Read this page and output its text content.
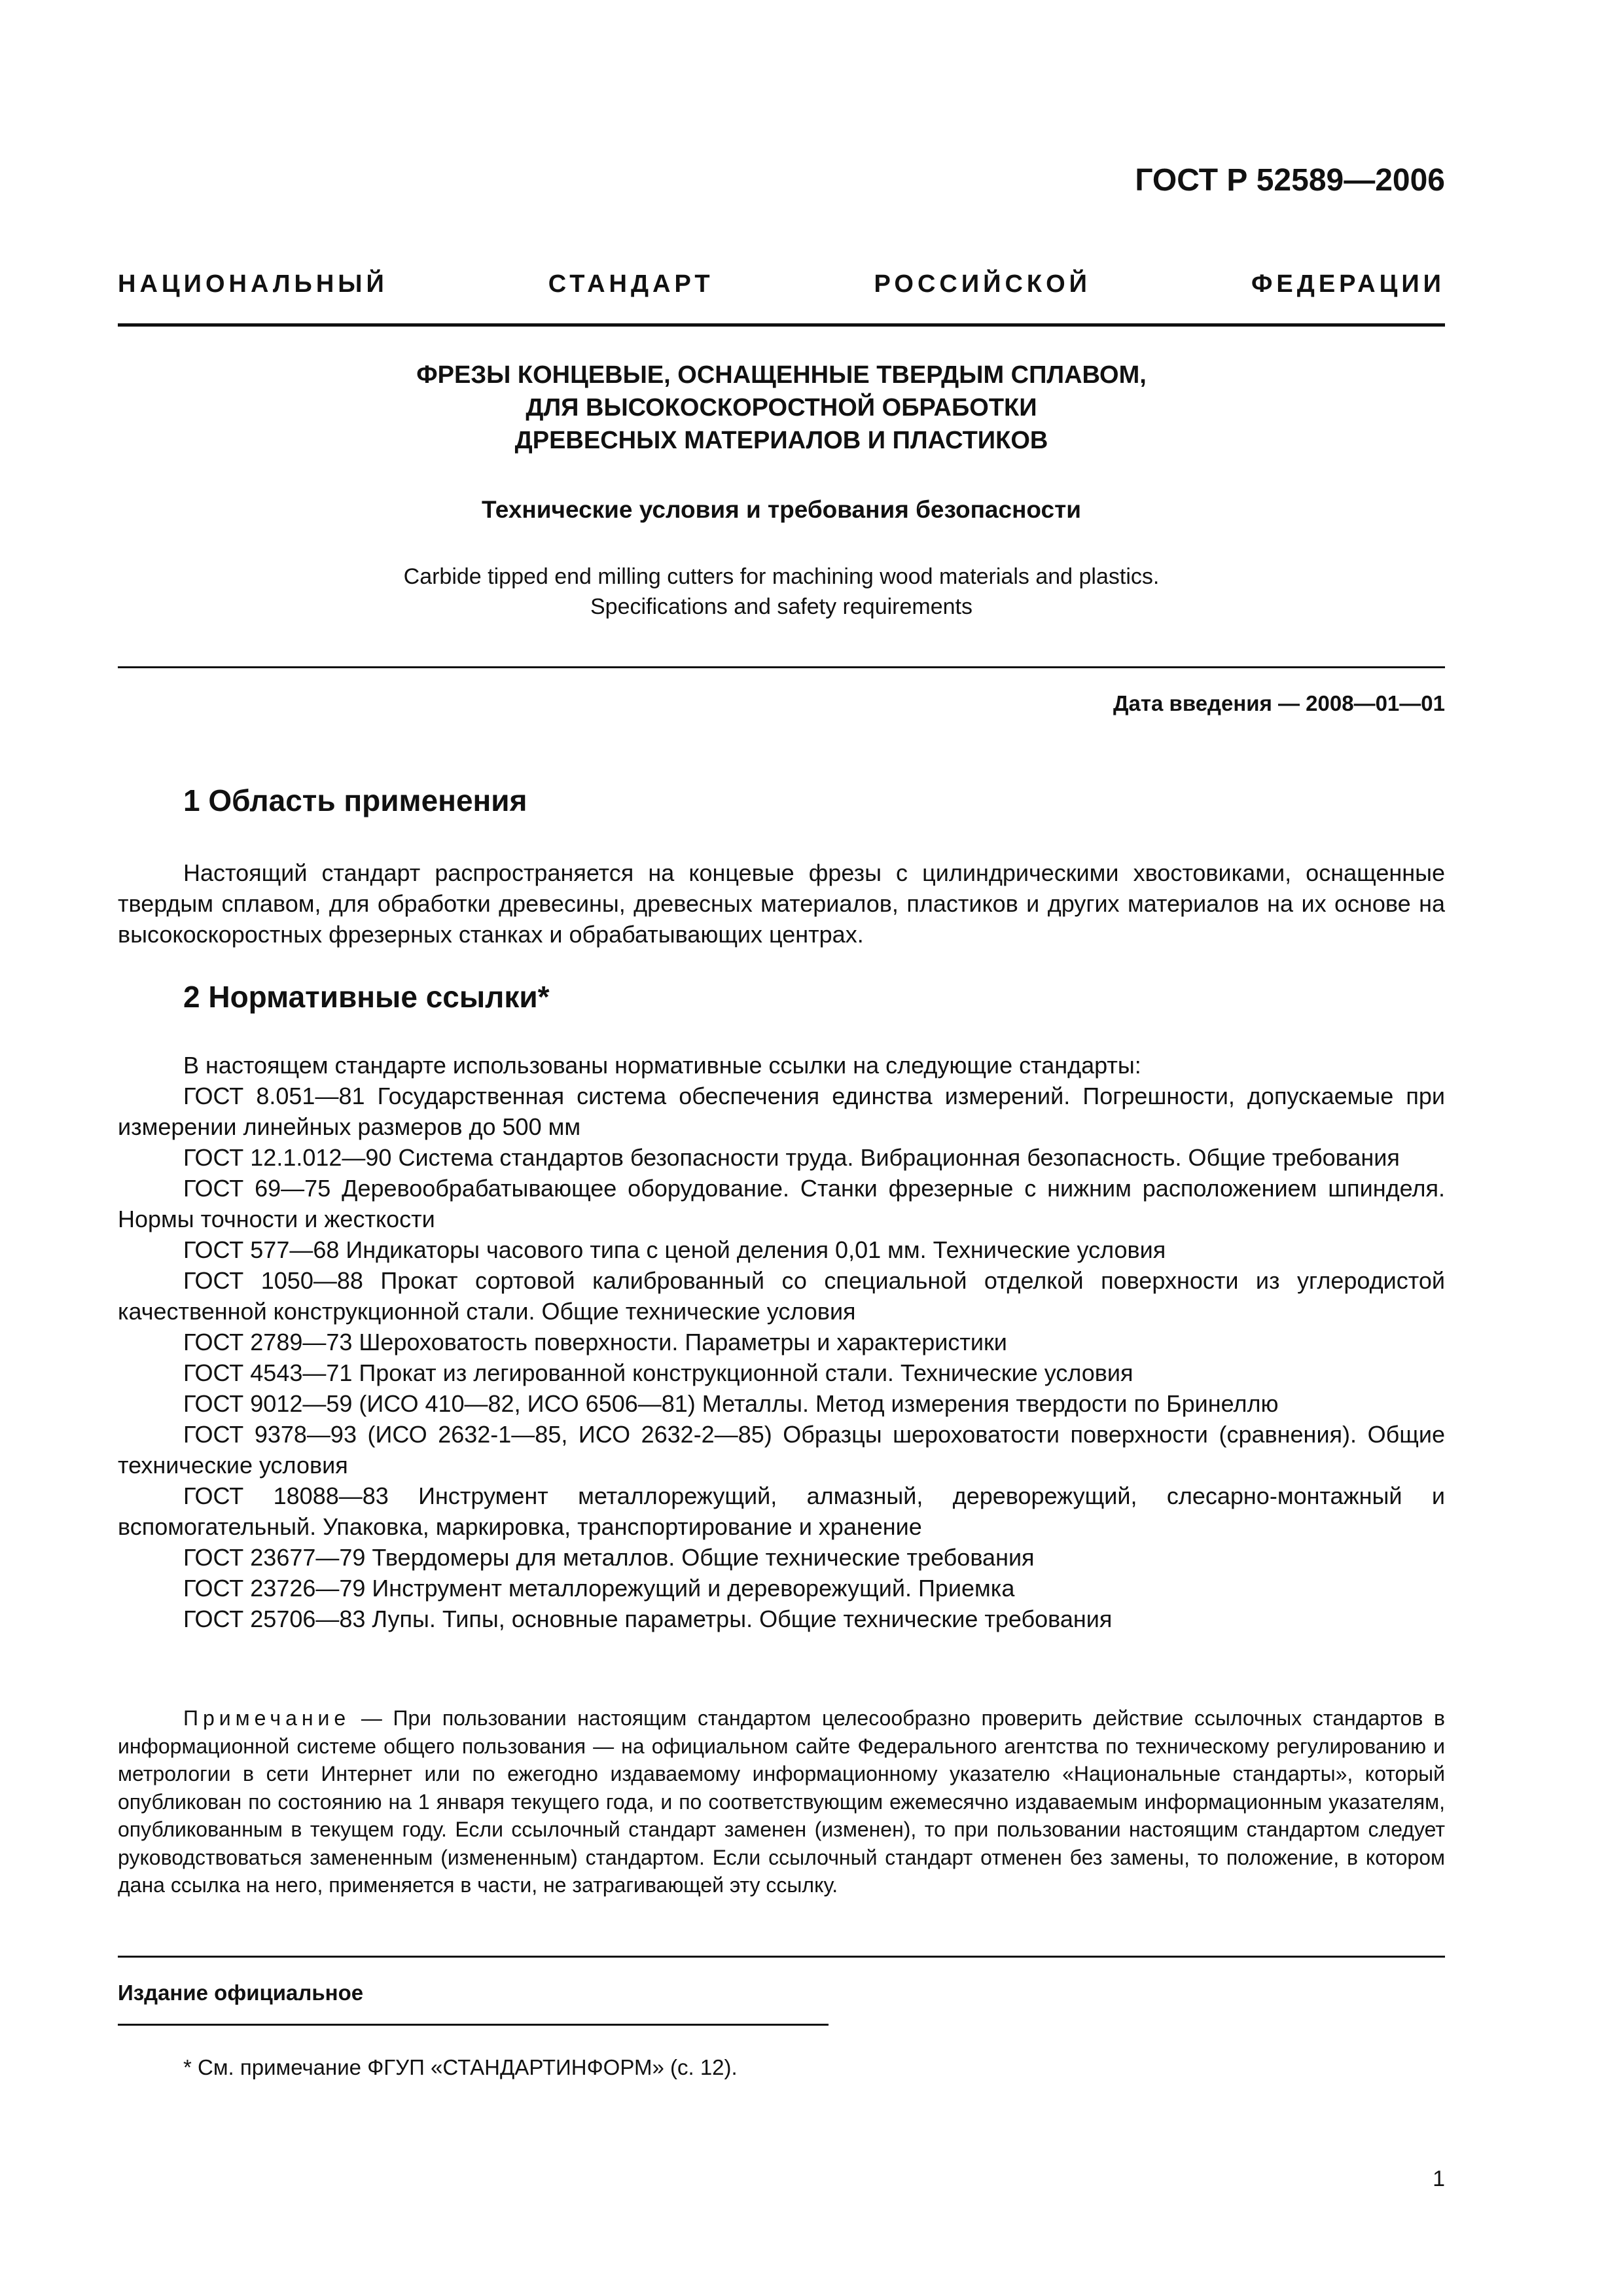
ГОСТ Р 52589—2006
НАЦИОНАЛЬНЫЙ СТАНДАРТ РОССИЙСКОЙ ФЕДЕРАЦИИ
ФРЕЗЫ КОНЦЕВЫЕ, ОСНАЩЕННЫЕ ТВЕРДЫМ СПЛАВОМ,
ДЛЯ ВЫСОКОСКОРОСТНОЙ ОБРАБОТКИ
ДРЕВЕСНЫХ МАТЕРИАЛОВ И ПЛАСТИКОВ
Технические условия и требования безопасности
Carbide tipped end milling cutters for machining wood materials and plastics.
Specifications and safety requirements
Дата введения — 2008—01—01
1 Область применения

Настоящий стандарт распространяется на концевые фрезы с цилиндрическими хвостовиками, оснащенные твердым сплавом, для обработки древесины, древесных материалов, пластиков и других материалов на их основе на высокоскоростных фрезерных станках и обрабатывающих центрах.

2 Нормативные ссылки*

В настоящем стандарте использованы нормативные ссылки на следующие стандарты:

ГОСТ 8.051—81 Государственная система обеспечения единства измерений. Погрешности, допускаемые при измерении линейных размеров до 500 мм

ГОСТ 12.1.012—90 Система стандартов безопасности труда. Вибрационная безопасность. Общие требования

ГОСТ 69—75 Деревообрабатывающее оборудование. Станки фрезерные с нижним расположением шпинделя. Нормы точности и жесткости

ГОСТ 577—68 Индикаторы часового типа с ценой деления 0,01 мм. Технические условия

ГОСТ 1050—88 Прокат сортовой калиброванный со специальной отделкой поверхности из углеродистой качественной конструкционной стали. Общие технические условия

ГОСТ 2789—73 Шероховатость поверхности. Параметры и характеристики

ГОСТ 4543—71 Прокат из легированной конструкционной стали. Технические условия

ГОСТ 9012—59 (ИСО 410—82, ИСО 6506—81) Металлы. Метод измерения твердости по Бринеллю

ГОСТ 9378—93 (ИСО 2632-1—85, ИСО 2632-2—85) Образцы шероховатости поверхности (сравнения). Общие технические условия

ГОСТ 18088—83 Инструмент металлорежущий, алмазный, дереворежущий, слесарно-монтажный и вспомогательный. Упаковка, маркировка, транспортирование и хранение

ГОСТ 23677—79 Твердомеры для металлов. Общие технические требования

ГОСТ 23726—79 Инструмент металлорежущий и дереворежущий. Приемка

ГОСТ 25706—83 Лупы. Типы, основные параметры. Общие технические требования

Примечание — При пользовании настоящим стандартом целесообразно проверить действие ссылочных стандартов в информационной системе общего пользования — на официальном сайте Федерального агентства по техническому регулированию и метрологии в сети Интернет или по ежегодно издаваемому информационному указателю «Национальные стандарты», который опубликован по состоянию на 1 января текущего года, и по соответствующим ежемесячно издаваемым информационным указателям, опубликованным в текущем году. Если ссылочный стандарт заменен (изменен), то при пользовании настоящим стандартом следует руководствоваться замененным (измененным) стандартом. Если ссылочный стандарт отменен без замены, то положение, в котором дана ссылка на него, применяется в части, не затрагивающей эту ссылку.

Издание официальное
* См. примечание ФГУП «СТАНДАРТИНФОРМ» (с. 12).
1
